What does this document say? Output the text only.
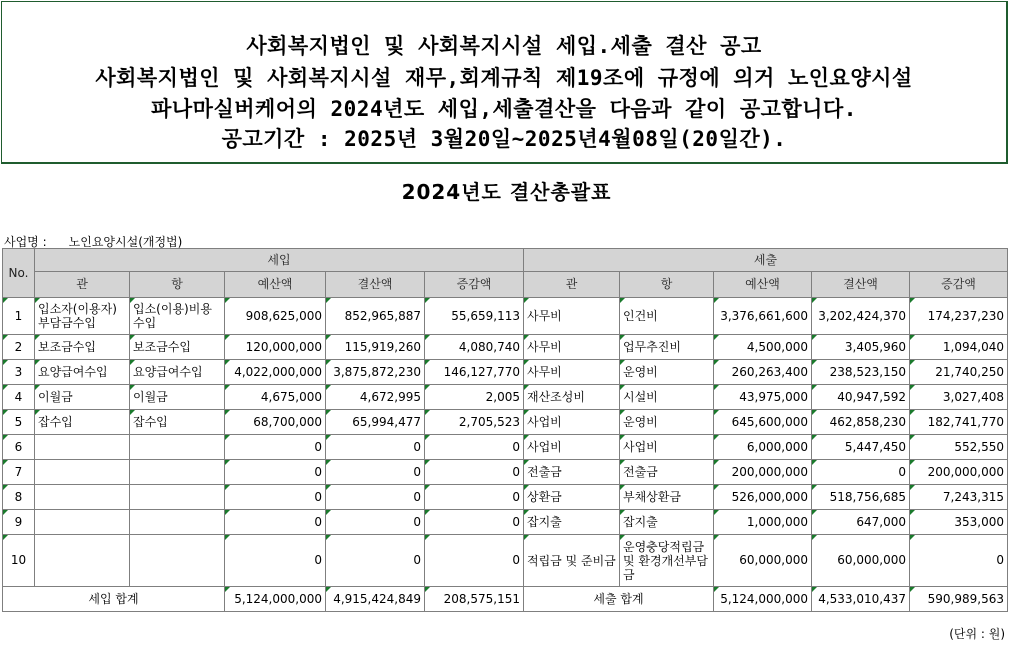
사회복지법인 및 사회복지시설 세입.세출 결산 공고
사회복지법인 및 사회복지시설 재무,회계규칙 제19조에 규정에 의거 노인요양시설
파나마실버케어의 2024년도 세입,세출결산을 다음과 같이 공고합니다.
공고기간 : 2025년 3월20일~2025년4월08일(20일간).
2024년도 결산총괄표
사업명 : 노인요양시설(개정법)
No.	세입					세출				
	관	항	예산액	결산액	증감액	관	항	예산액	결산액	증감액
1	입소자(이용자)부담금수입	입소(이용)비용수입	908,625,000	852,965,887	55,659,113	사무비	인건비	3,376,661,600	3,202,424,370	174,237,230
2	보조금수입	보조금수입	120,000,000	115,919,260	4,080,740	사무비	업무추진비	4,500,000	3,405,960	1,094,040
3	요양급여수입	요양급여수입	4,022,000,000	3,875,872,230	146,127,770	사무비	운영비	260,263,400	238,523,150	21,740,250
4	이월금	이월금	4,675,000	4,672,995	2,005	재산조성비	시설비	43,975,000	40,947,592	3,027,408
5	잡수입	잡수입	68,700,000	65,994,477	2,705,523	사업비	운영비	645,600,000	462,858,230	182,741,770
6			0	0	0	사업비	사업비	6,000,000	5,447,450	552,550
7			0	0	0	전출금	전출금	200,000,000	0	200,000,000
8			0	0	0	상환금	부채상환금	526,000,000	518,756,685	7,243,315
9			0	0	0	잡지출	잡지출	1,000,000	647,000	353,000
10			0	0	0	적립금 및 준비금	운영충당적립금 및 환경개선부담금	60,000,000	60,000,000	0
세입 합계			5,124,000,000	4,915,424,849	208,575,151	세출 합계		5,124,000,000	4,533,010,437	590,989,563
(단위 : 원)
